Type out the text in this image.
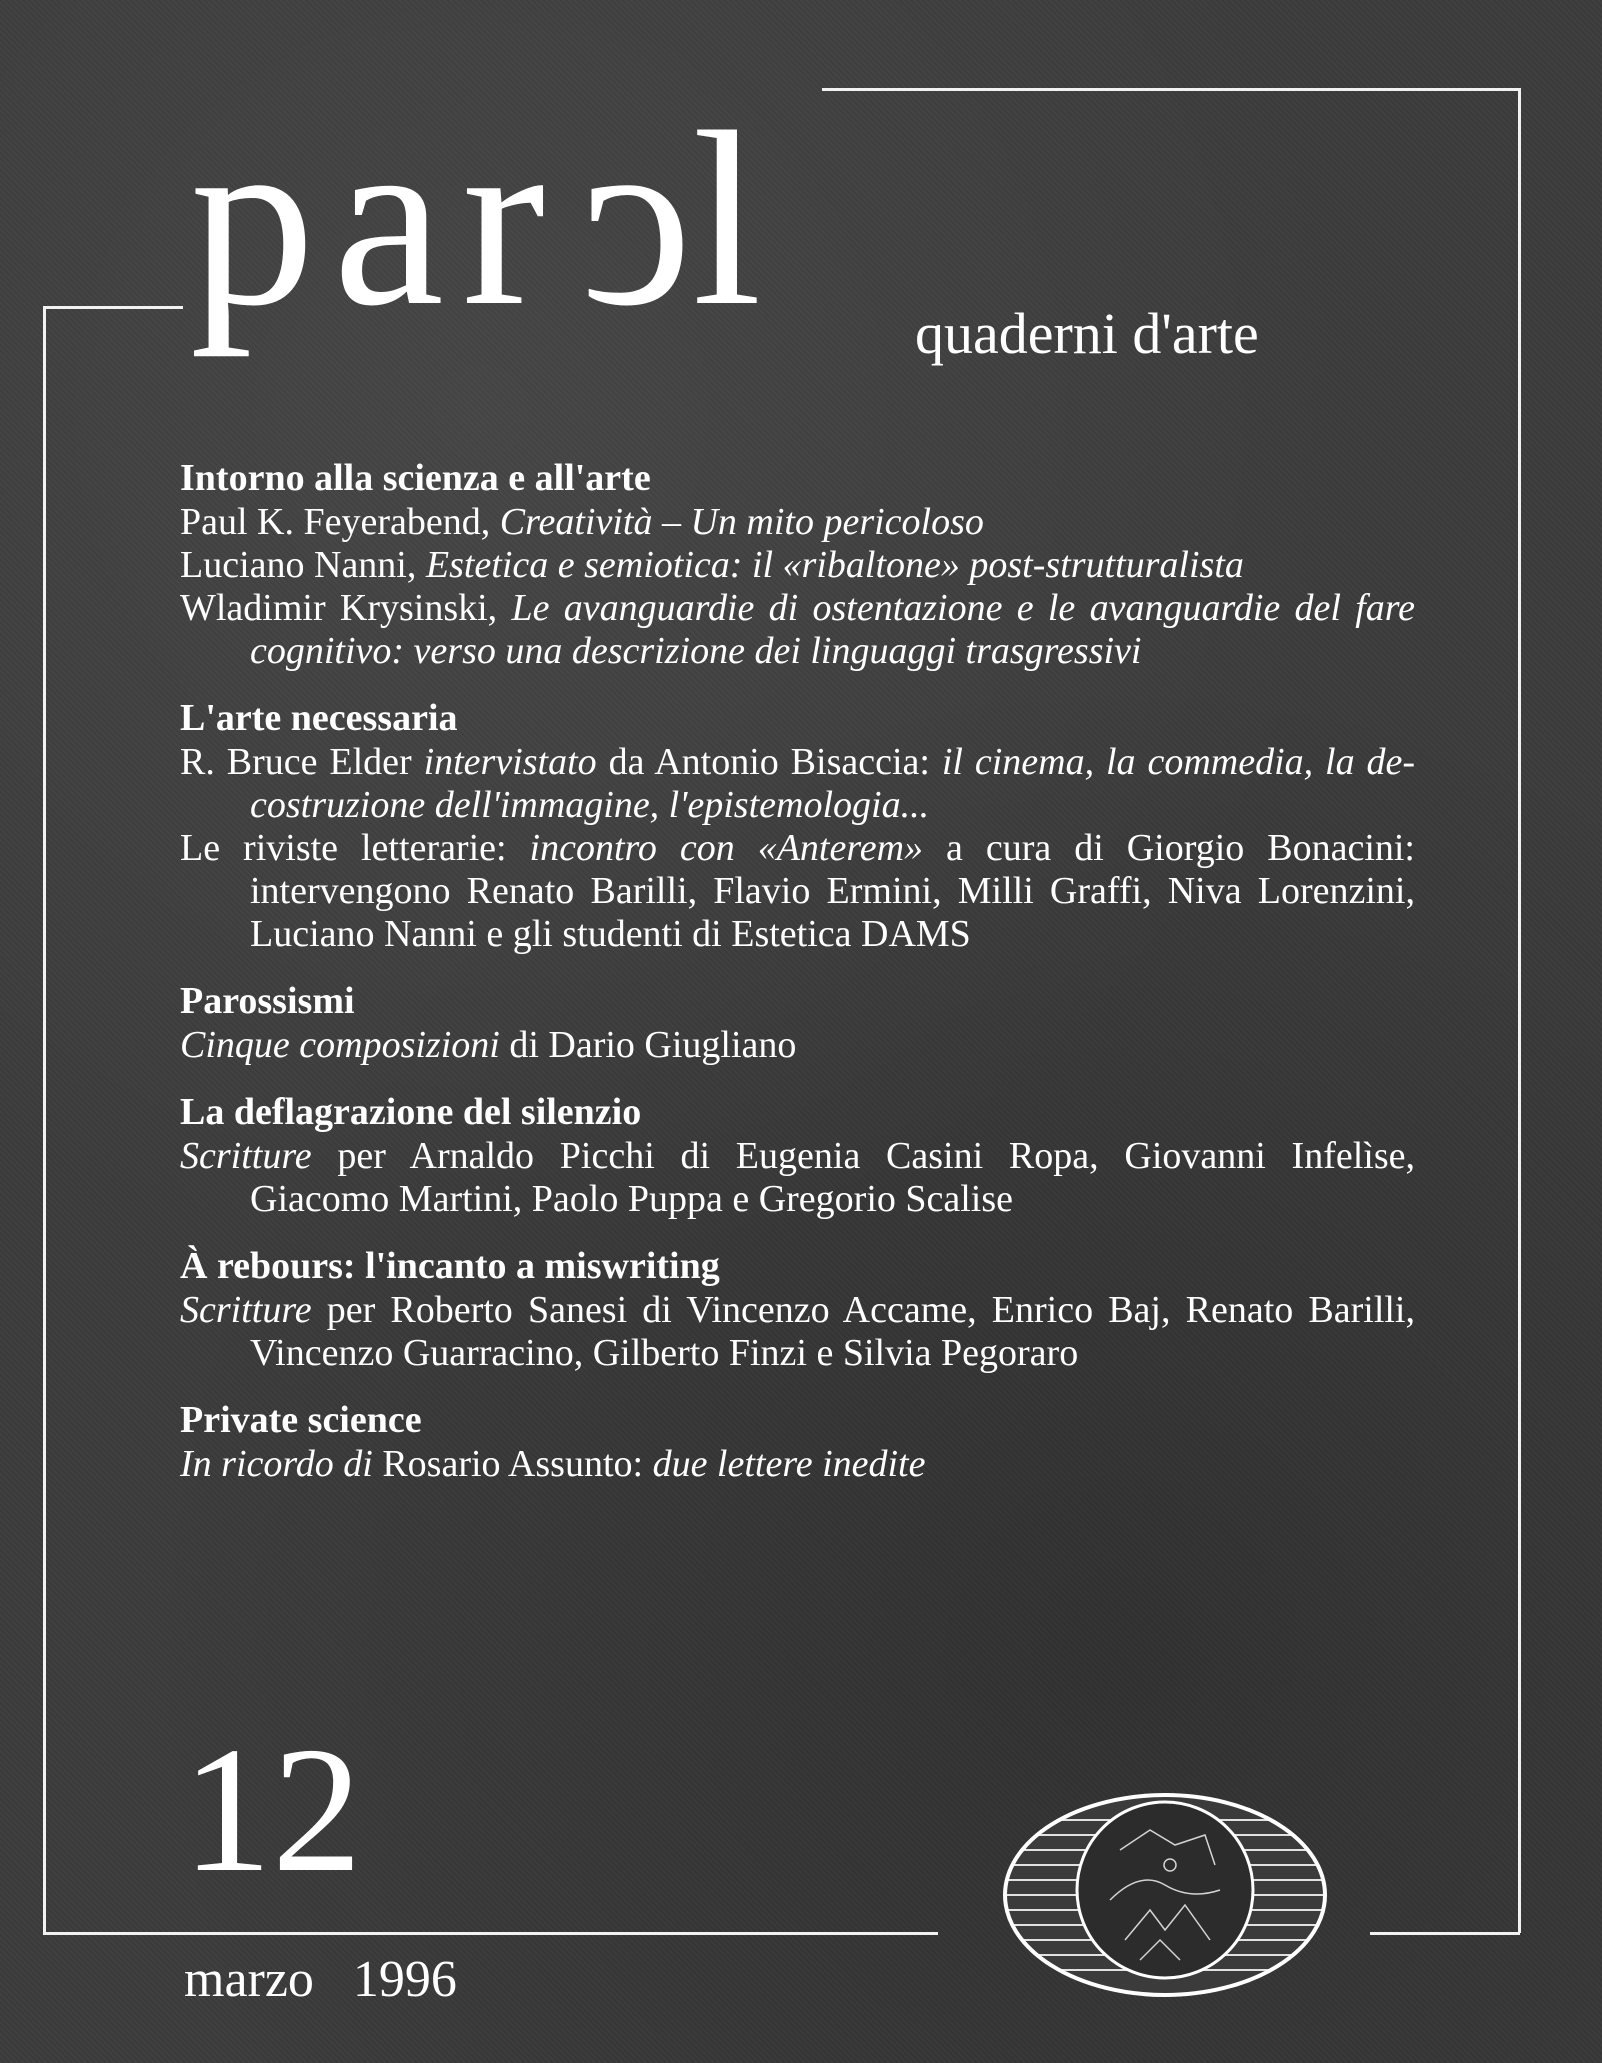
parcl quaderni d'arte
Intorno alla scienza e all'arte
Paul K. Feyerabend, Creatività – Un mito pericoloso
Luciano Nanni, Estetica e semiotica: il «ribaltone» post-strutturalista
Wladimir Krysinski, Le avanguardie di ostentazione e le avanguardie del fare cognitivo: verso una descrizione dei linguaggi trasgressivi
L'arte necessaria
R. Bruce Elder intervistato da Antonio Bisaccia: il cinema, la commedia, la de-costruzione dell'immagine, l'epistemologia...
Le riviste letterarie: incontro con «Anterem» a cura di Giorgio Bonacini: intervengono Renato Barilli, Flavio Ermini, Milli Graffi, Niva Lorenzini, Luciano Nanni e gli studenti di Estetica DAMS
Parossismi
Cinque composizioni di Dario Giugliano
La deflagrazione del silenzio
Scritture per Arnaldo Picchi di Eugenia Casini Ropa, Giovanni Infelìse, Giacomo Martini, Paolo Puppa e Gregorio Scalise
À rebours: l'incanto a miswriting
Scritture per Roberto Sanesi di Vincenzo Accame, Enrico Baj, Renato Barilli, Vincenzo Guarracino, Gilberto Finzi e Silvia Pegoraro
Private science
In ricordo di Rosario Assunto: due lettere inedite
12
marzo 1996
